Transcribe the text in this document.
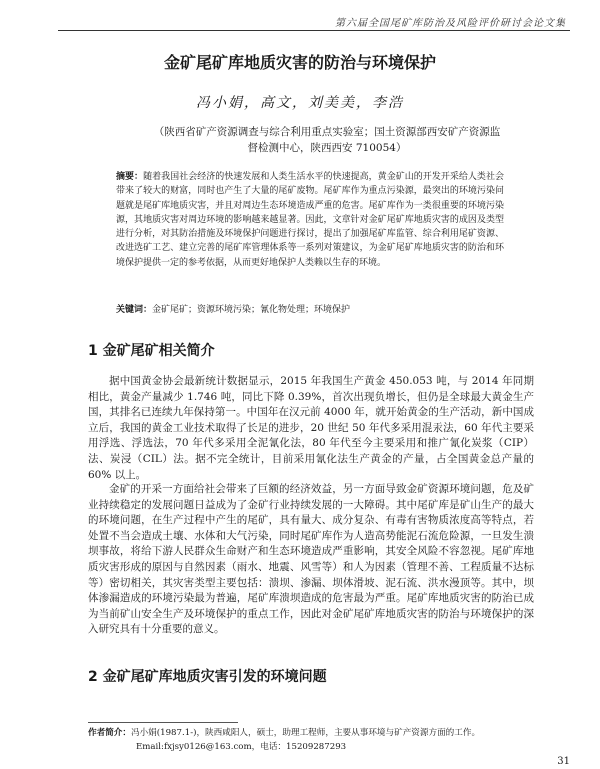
第六届全国尾矿库防治及风险评价研讨会论文集
金矿尾矿库地质灾害的防治与环境保护
冯小娟，高文，刘美美，李浩
（陕西省矿产资源调查与综合利用重点实验室；国土资源部西安矿产资源监督检测中心，陕西西安 710054）

摘要：随着我国社会经济的快速发展和人类生活水平的快速提高，黄金矿山的开发开采给人类社会带来了较大的财富，同时也产生了大量的尾矿废物。尾矿库作为重点污染源，最突出的环境污染问题就是尾矿库地质灾害，并且对周边生态环境造成严重的危害。尾矿库作为一类很重要的环境污染源，其地质灾害对周边环境的影响越来越显著。因此，文章针对金矿尾矿库地质灾害的成因及类型进行分析，对其防治措施及环境保护问题进行探讨，提出了加强尾矿库监管、综合利用尾矿资源、改进选矿工艺、建立完善的尾矿库管理体系等一系列对策建议，为金矿尾矿库地质灾害的防治和环境保护提供一定的参考依据，从而更好地保护人类赖以生存的环境。

关键词：金矿尾矿；资源环境污染；氰化物处理；环境保护

1 金矿尾矿相关简介

据中国黄金协会最新统计数据显示，2015 年我国生产黄金 450.053 吨，与 2014 年同期相比，黄金产量减少 1.746 吨，同比下降 0.39%，首次出现负增长，但仍是全球最大黄金生产国，其排名已连续九年保持第一。中国年在汉元前 4000 年，就开始黄金的生产活动，新中国成立后，我国的黄金工业技术取得了长足的进步，20 世纪 50 年代多采用混汞法，60 年代主要采用浮选、浮选法，70 年代多采用全泥氰化法，80 年代至今主要采用和推广氰化炭浆（CIP）法、炭浸（CIL）法。据不完全统计，目前采用氰化法生产黄金的产量，占全国黄金总产量的 60% 以上。

金矿的开采一方面给社会带来了巨额的经济效益，另一方面导致金矿资源环境问题，危及矿业持续稳定的发展问题日益成为了金矿行业持续发展的一大障碍。其中尾矿库是矿山生产的最大的环境问题，在生产过程中产生的尾矿，具有量大、成分复杂、有毒有害物质浓度高等特点，若处置不当会造成土壤、水体和大气污染，同时尾矿库作为人造高势能泥石流危险源，一旦发生溃坝事故，将给下游人民群众生命财产和生态环境造成严重影响，其安全风险不容忽视。尾矿库地质灾害形成的原因与自然因素（雨水、地震、风雪等）和人为因素（管理不善、工程质量不达标等）密切相关，其灾害类型主要包括：溃坝、渗漏、坝体滑坡、泥石流、洪水漫顶等。其中，坝体渗漏造成的环境污染最为普遍，尾矿库溃坝造成的危害最为严重。尾矿库地质灾害的防治已成为当前矿山安全生产及环境保护的重点工作，因此对金矿尾矿库地质灾害的防治与环境保护的深入研究具有十分重要的意义。

2 金矿尾矿库地质灾害引发的环境问题

作者简介：冯小娟(1987.1-)，陕西咸阳人，硕士，助理工程师，主要从事环境与矿产资源方面的工作。
Email:fxjsy0126@163.com，电话：15209287293

31
